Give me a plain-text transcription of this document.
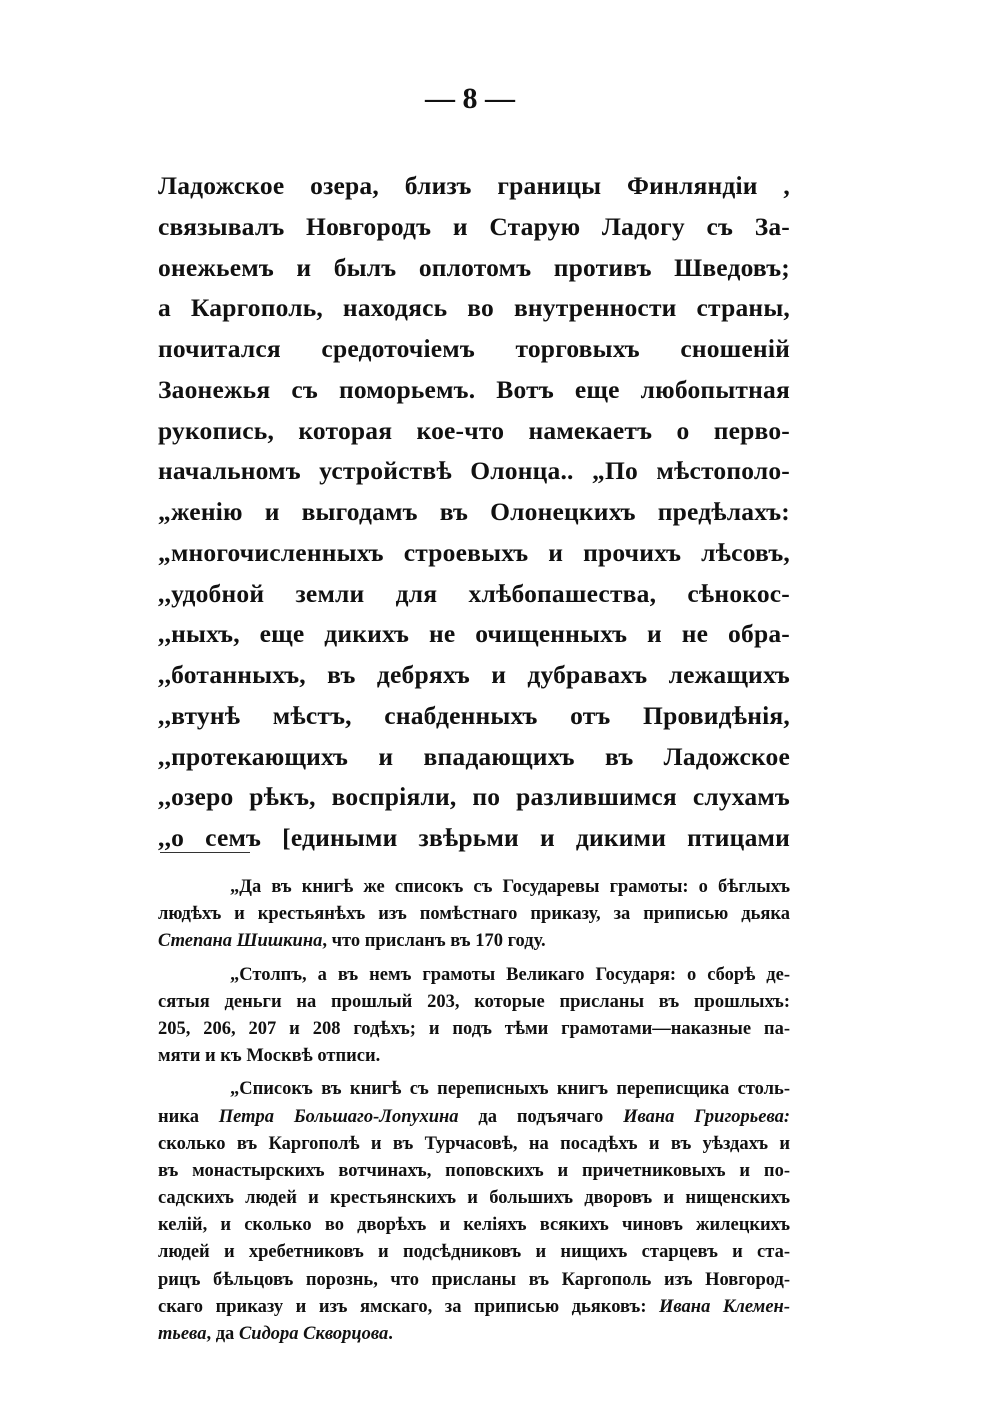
— 8 —
Ладожское озера, близъ границы Финляндіи ,
связывалъ Новгородъ и Старую Ладогу съ За-
онежьемъ и былъ оплотомъ противъ Шведовъ;
а Каргополь, находясь во внутренности страны,
почитался средоточіемъ торговыхъ сношеній
Заонежья съ поморьемъ. Вотъ еще любопытная
рукопись, которая кое-что намекаетъ о перво-
начальномъ устройствѣ Олонца.. „По мѣстополо-
„женію и выгодамъ въ Олонецкихъ предѣлахъ:
„многочисленныхъ строевыхъ и прочихъ лѣсовъ,
,,удобной земли для хлѣбопашества, сѣнокос-
,,ныхъ, еще дикихъ не очищенныхъ и не обра-
,,ботанныхъ, въ дебряхъ и дубравахъ лежащихъ
,,втунѣ мѣстъ, снабденныхъ отъ Провидѣнія,
,,протекающихъ и впадающихъ въ Ладожское
,,озеро рѣкъ, воспріяли, по разлившимся слухамъ
,,о семъ [едиными звѣрьми и дикими птицами
„Да въ книгѣ же списокъ съ Государевы грамоты: о бѣглыхъ
людѣхъ и крестьянѣхъ изъ помѣстнаго приказу, за приписью дьяка
Степана Шишкина, что присланъ въ 170 году.
„Столпъ, а въ немъ грамоты Великаго Государя: о сборѣ де-
сятыя деньги на прошлый 203, которые присланы въ прошлыхъ:
205, 206, 207 и 208 годѣхъ; и подъ тѣми грамотами—наказные па-
мяти и къ Москвѣ отписи.
„Списокъ въ книгѣ съ переписныхъ книгъ переписщика столь-
ника Петра Большаго-Лопухина да подъячаго Ивана Григорьева:
сколько въ Каргополѣ и въ Турчасовѣ, на посадѣхъ и въ уѣздахъ и
въ монастырскихъ вотчинахъ, поповскихъ и причетниковыхъ и по-
садскихъ людей и крестьянскихъ и большихъ дворовъ и нищенскихъ
келій, и сколько во дворѣхъ и келіяхъ всякихъ чиновъ жилецкихъ
людей и хребетниковъ и подсѣдниковъ и нищихъ старцевъ и ста-
рицъ бѣльцовъ порознь, что присланы въ Каргополь изъ Новгород-
скаго приказу и изъ ямскаго, за приписью дьяковъ: Ивана Клемен-
тьева, да Сидора Скворцова.
